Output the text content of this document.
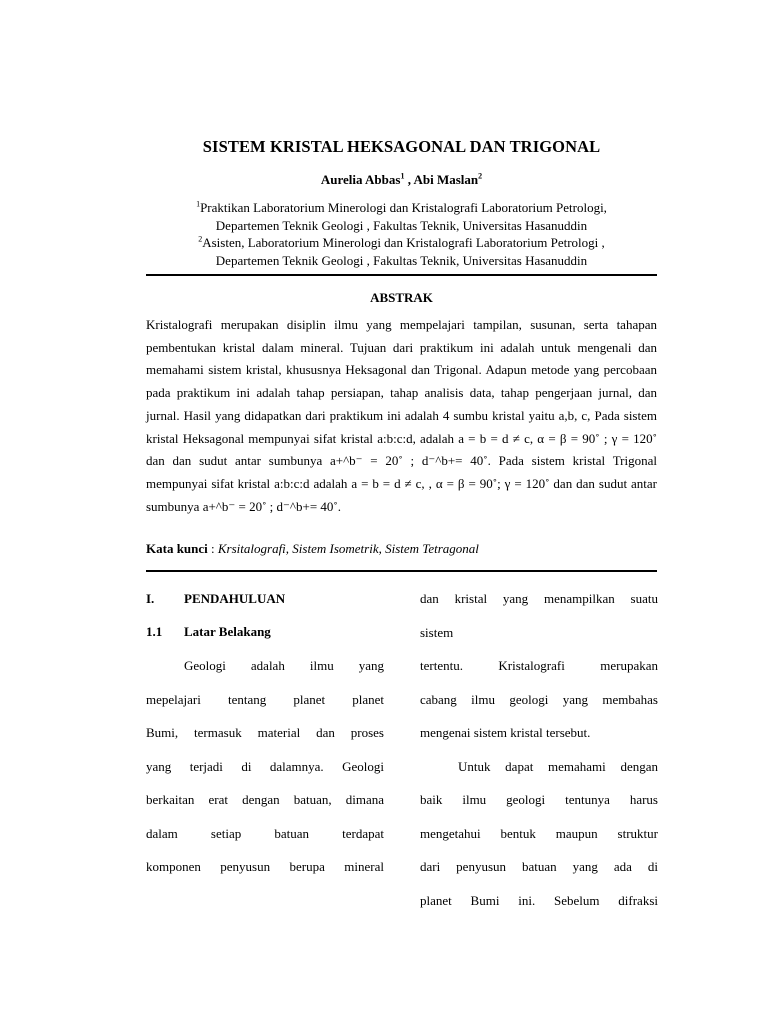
SISTEM KRISTAL HEKSAGONAL DAN TRIGONAL
Aurelia Abbas$^1$ , Abi Maslan$^2$
$^1$Praktikan Laboratorium Minerologi dan Kristalografi Laboratorium Petrologi,
Departemen Teknik Geologi , Fakultas Teknik, Universitas Hasanuddin
$^2$Asisten, Laboratorium Minerologi dan Kristalografi Laboratorium Petrologi ,
Departemen Teknik Geologi , Fakultas Teknik, Universitas Hasanuddin
ABSTRAK

Kristalografi merupakan disiplin ilmu yang mempelajari tampilan, susunan, serta tahapan pembentukan kristal dalam mineral. Tujuan dari praktikum ini adalah untuk mengenali dan memahami sistem kristal, khususnya Heksagonal dan Trigonal. Adapun metode yang percobaan pada praktikum ini adalah tahap persiapan, tahap analisis data, tahap pengerjaan jurnal, dan jurnal. Hasil yang didapatkan dari praktikum ini adalah 4 sumbu kristal yaitu a,b, c, Pada sistem kristal Heksagonal mempunyai sifat kristal a:b:c:d, adalah a = b = d ≠ c, α = β = 90˚ ; γ = 120˚ dan dan sudut antar sumbunya a+^b⁻ = 20˚ ; d⁻^b+= 40˚. Pada sistem kristal Trigonal mempunyai sifat kristal a:b:c:d adalah a = b = d ≠ c, , α = β = 90˚; γ = 120˚ dan dan sudut antar sumbunya a+^b⁻ = 20˚ ; d⁻^b+= 40˚.

Kata kunci : Krsitalografi, Sistem Isometrik, Sistem Tetragonal
I. PENDAHULUAN
1.1 Latar Belakang
Geologi adalah ilmu yang
mepelajari tentang planet planet
Bumi, termasuk material dan proses
yang terjadi di dalamnya. Geologi
berkaitan erat dengan batuan, dimana
dalam setiap batuan terdapat
komponen penyusun berupa mineral
dan kristal yang menampilkan suatu
sistem
tertentu. Kristalografi merupakan
cabang ilmu geologi yang membahas
mengenai sistem kristal tersebut.
Untuk dapat memahami dengan
baik ilmu geologi tentunya harus
mengetahui bentuk maupun struktur
dari penyusun batuan yang ada di
planet Bumi ini. Sebelum difraksi
